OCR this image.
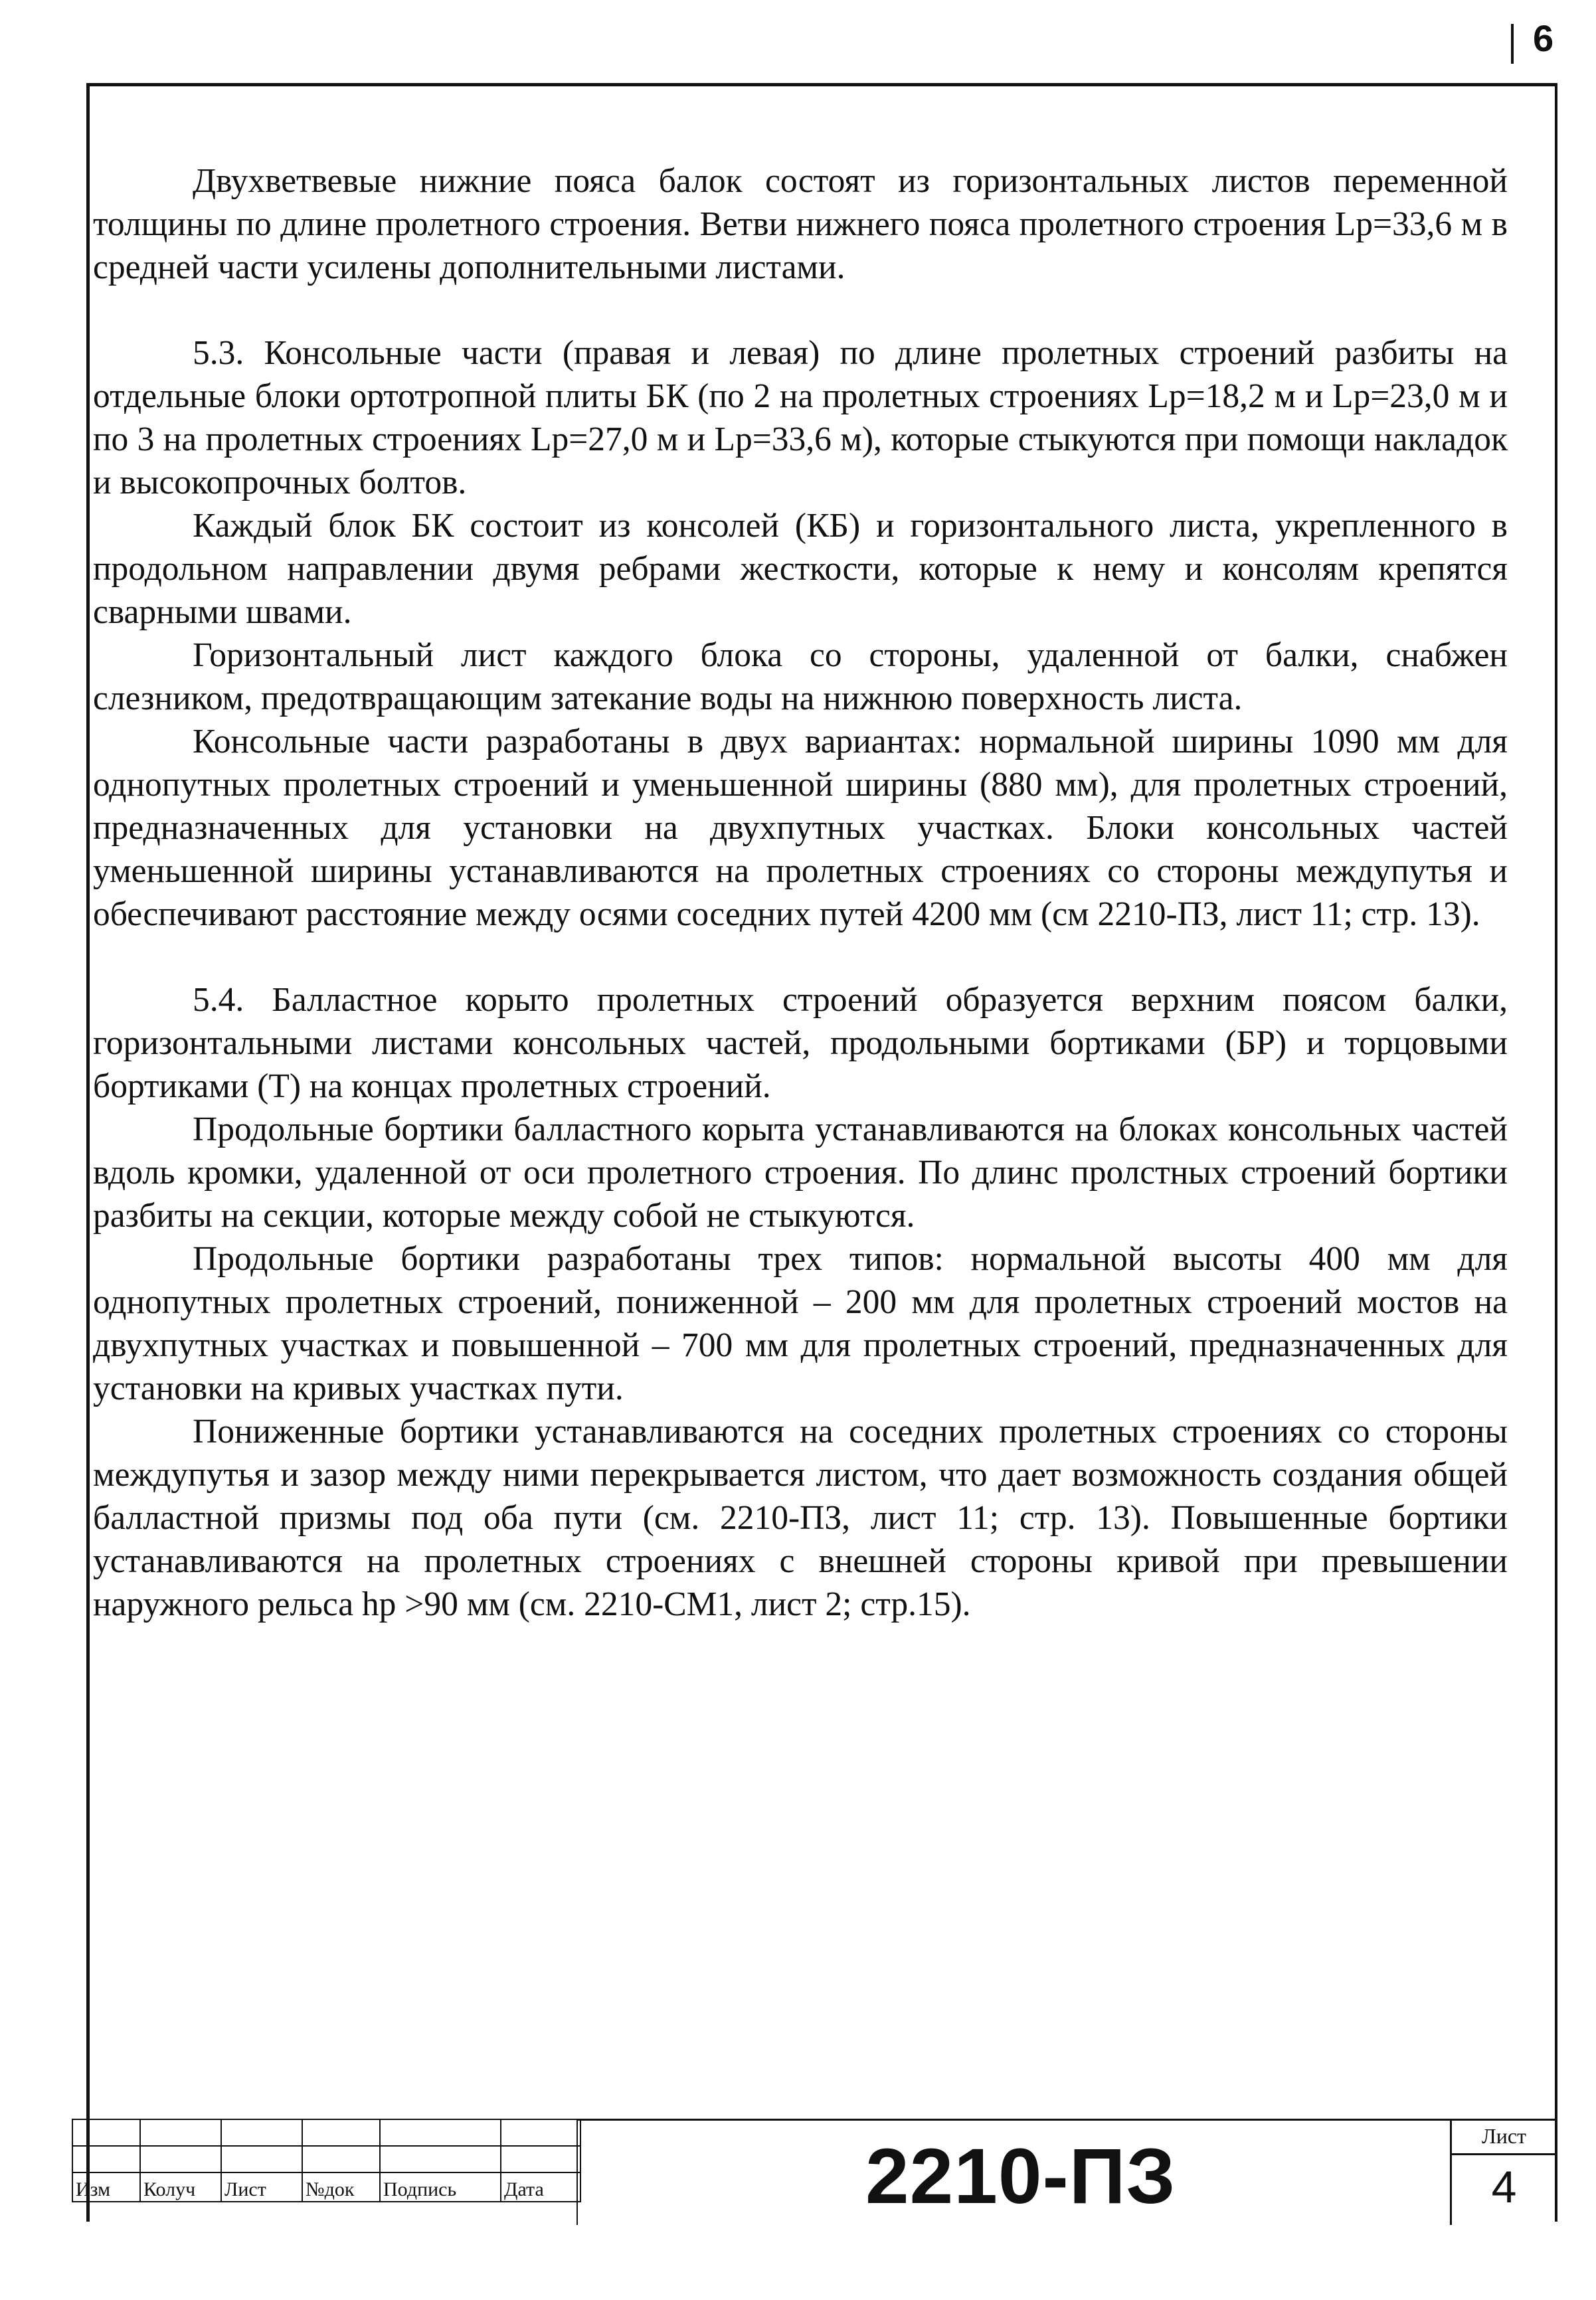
6

Двухветвевые нижние пояса балок состоят из горизонтальных листов переменной толщины по длине пролетного строения. Ветви нижнего пояса пролетного строения Lp=33,6 м в средней части усилены дополнительными листами.

5.3. Консольные части (правая и левая) по длине пролетных строений разбиты на отдельные блоки ортотропной плиты БК (по 2 на пролетных строениях Lp=18,2 м и Lp=23,0 м и по 3 на пролетных строениях Lp=27,0 м и Lp=33,6 м), которые стыкуются при помощи накладок и высокопрочных болтов.

Каждый блок БК состоит из консолей (КБ) и горизонтального листа, укрепленного в продольном направлении двумя ребрами жесткости, которые к нему и консолям крепятся сварными швами.

Горизонтальный лист каждого блока со стороны, удаленной от балки, снабжен слезником, предотвращающим затекание воды на нижнюю поверхность листа.

Консольные части разработаны в двух вариантах: нормальной ширины 1090 мм для однопутных пролетных строений и уменьшенной ширины (880 мм), для пролетных строений, предназначенных для установки на двухпутных участках. Блоки консольных частей уменьшенной ширины устанавливаются на пролетных строениях со стороны междупутья и обеспечивают расстояние между осями соседних путей 4200 мм (см 2210-ПЗ, лист 11; стр. 13).

5.4. Балластное корыто пролетных строений образуется верхним поясом балки, горизонтальными листами консольных частей, продольными бортиками (БР) и торцовыми бортиками (Т) на концах пролетных строений.

Продольные бортики балластного корыта устанавливаются на блоках консольных частей вдоль кромки, удаленной от оси пролетного строения. По длинс пролстных строений бортики разбиты на секции, которые между собой не стыкуются.

Продольные бортики разработаны трех типов: нормальной высоты 400 мм для однопутных пролетных строений, пониженной – 200 мм для пролетных строений мостов на двухпутных участках и повышенной – 700 мм для пролетных строений, предназначенных для установки на кривых участках пути.

Пониженные бортики устанавливаются на соседних пролетных строениях со стороны междупутья и зазор между ними перекрывается листом, что дает возможность создания общей балластной призмы под оба пути (см. 2210-ПЗ, лист 11; стр. 13). Повышенные бортики устанавливаются на пролетных строениях с внешней стороны кривой при превышении наружного рельса hp >90 мм (см. 2210-СМ1, лист 2; стр.15).

Изм	Колуч	Лист	№док	Подпись	Дата	2210-ПЗ	Лист
4
